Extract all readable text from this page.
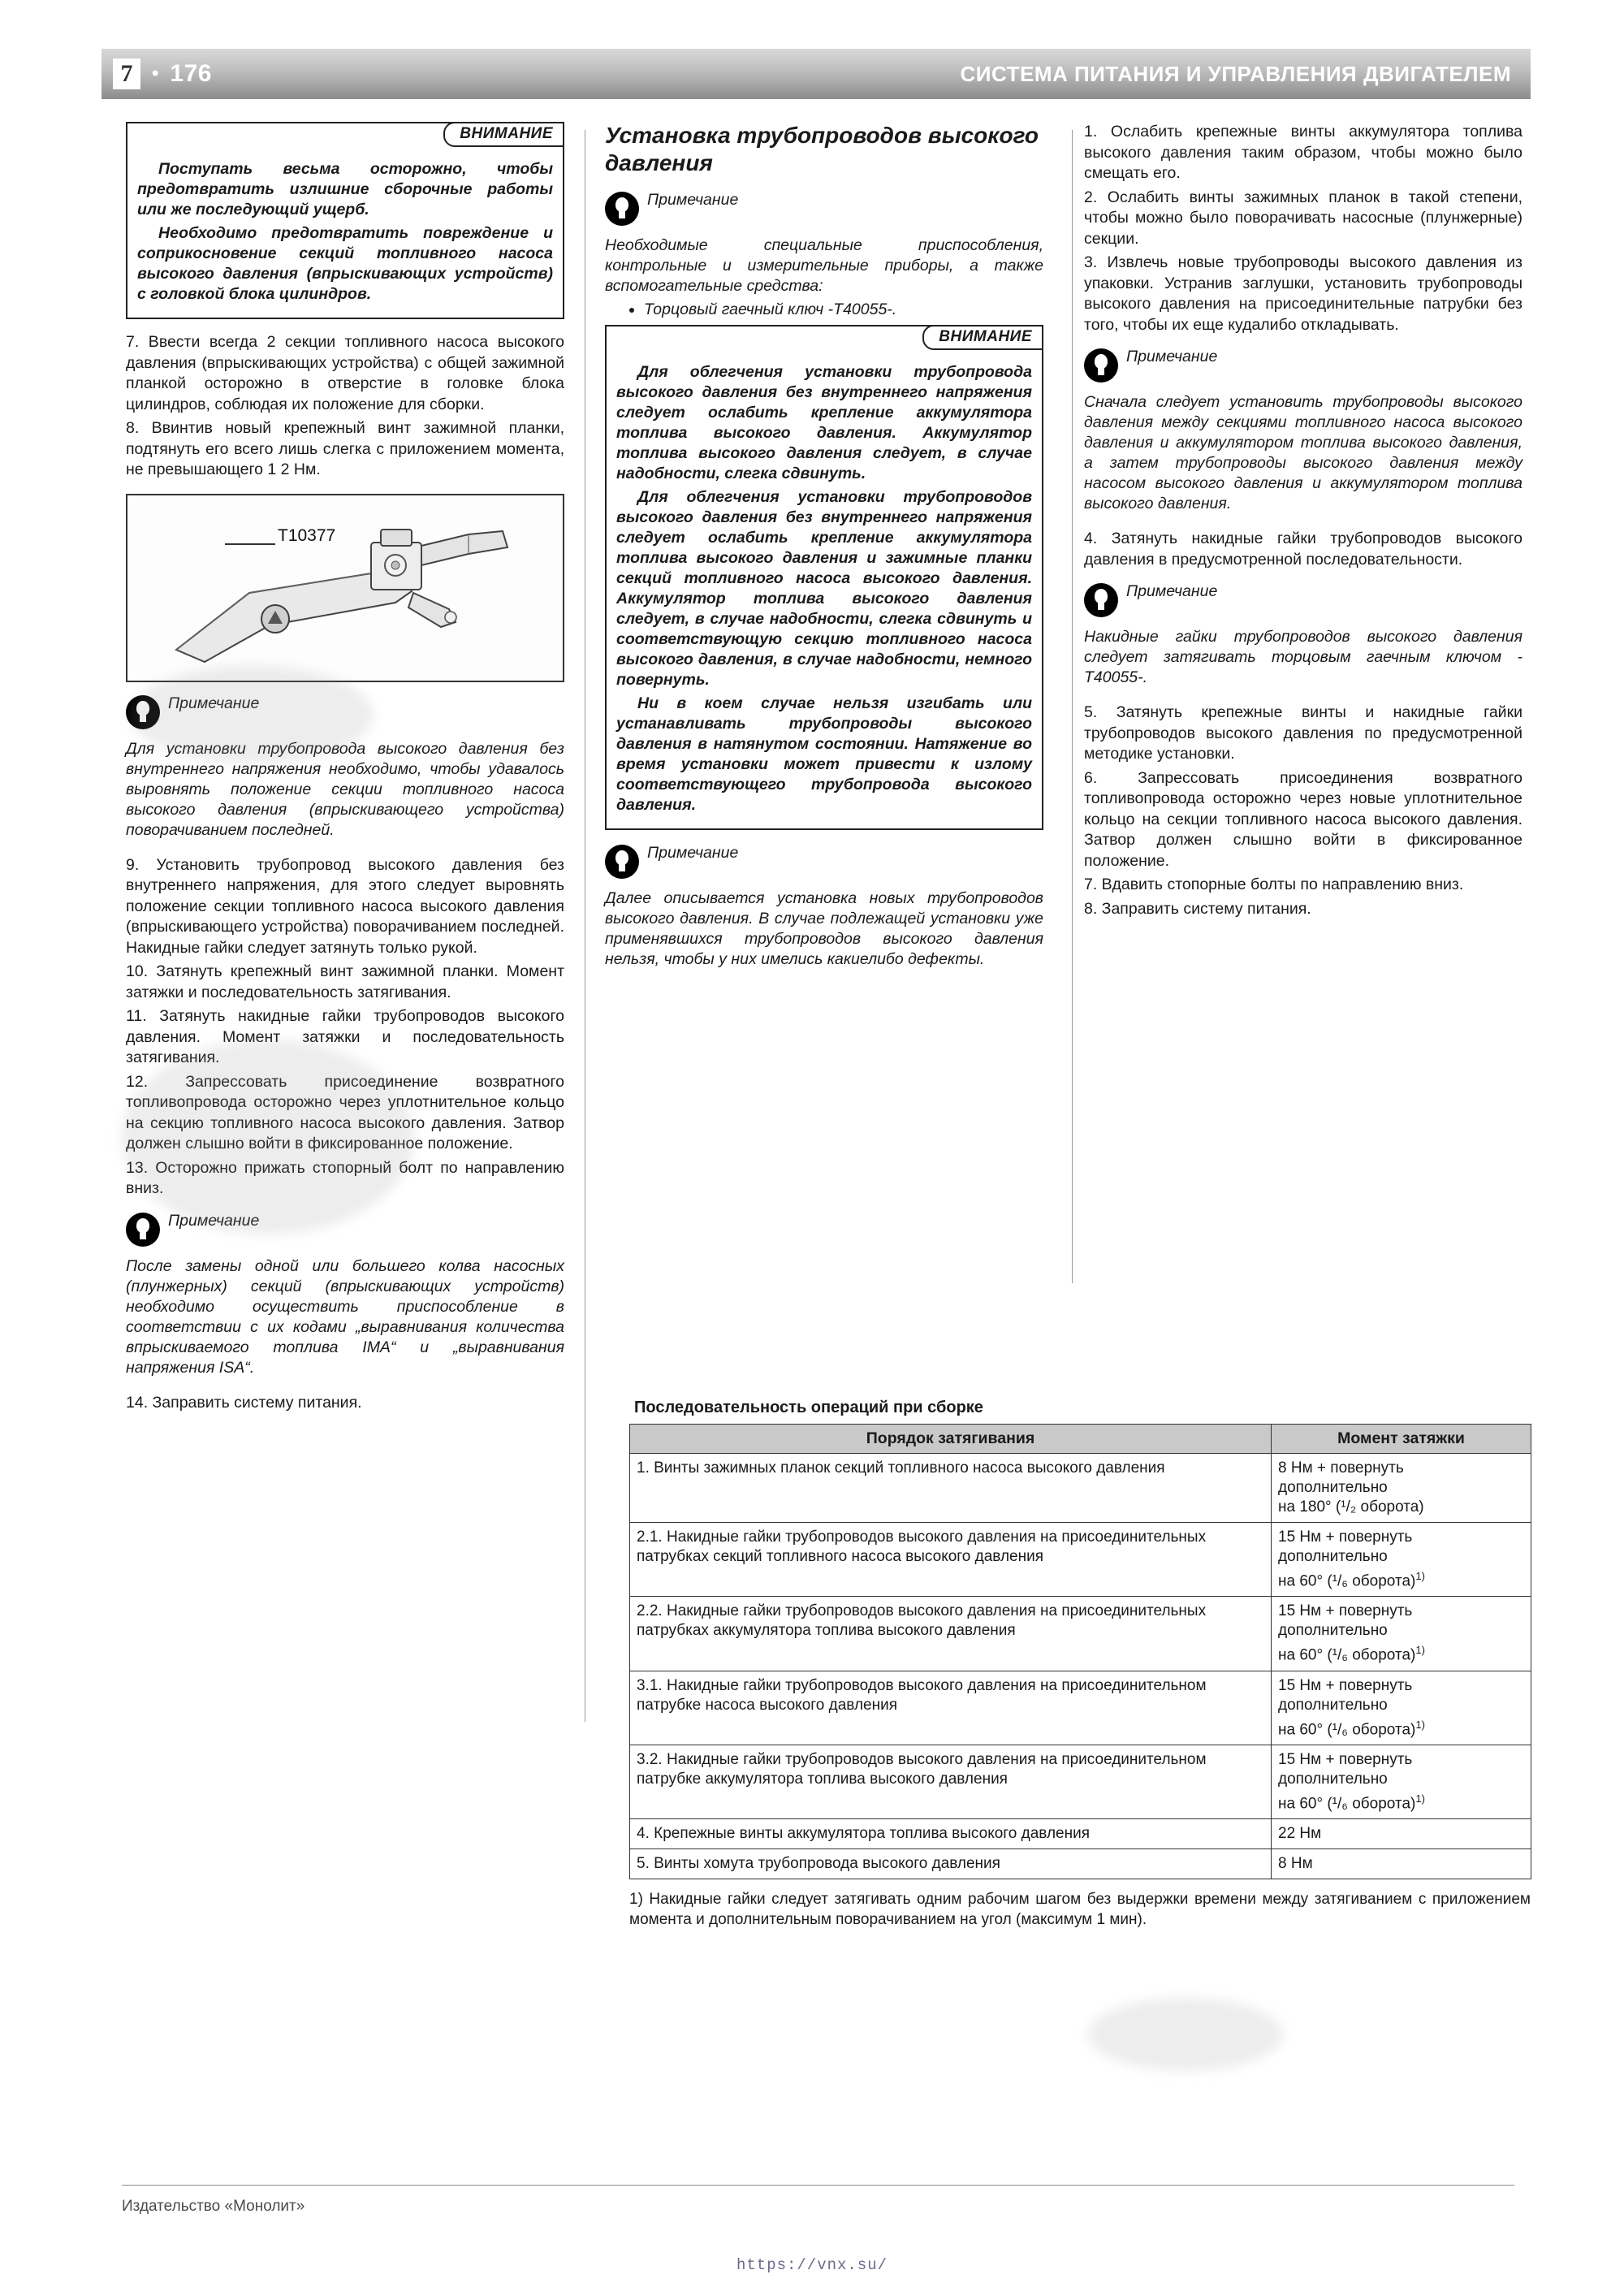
7 • 176	СИСТЕМА ПИТАНИЯ И УПРАВЛЕНИЯ ДВИГАТЕЛЕМ
ВНИМАНИЕ

Поступать весьма осторожно, чтобы предотвратить излишние сборочные работы или же последующий ущерб.

Необходимо предотвратить повреждение и соприкосновение секций топливного насоса высокого давления (впрыскивающих устройств) с головкой блока цилиндров.

7. Ввести всегда 2 секции топливного насоса высокого давления (впрыскивающих устройства) с общей зажимной планкой осторожно в отверстие в головке блока цилиндров, соблюдая их положение для сборки.

8. Ввинтив новый крепежный винт зажимной планки, подтянуть его всего лишь слегка с приложением момента, не превышающего 1 2 Нм.

T10377
Примечание

Для установки трубопровода высокого давления без внутреннего напряжения необходимо, чтобы удавалось выровнять положение секции топливного насоса высокого давления (впрыскивающего устройства) поворачиванием последней.

9. Установить трубопровод высокого давления без внутреннего напряжения, для этого следует выровнять положение секции топливного насоса высокого давления (впрыскивающего устройства) поворачиванием последней. Накидные гайки следует затянуть только рукой.

10. Затянуть крепежный винт зажимной планки. Момент затяжки и последовательность затягивания.

11. Затянуть накидные гайки трубопроводов высокого давления. Момент затяжки и последовательность затягивания.

12. Запрессовать присоединение возвратного топливопровода осторожно через уплотнительное кольцо на секцию топливного насоса высокого давления. Затвор должен слышно войти в фиксированное положение.

13. Осторожно прижать стопорный болт по направлению вниз.

Примечание

После замены одной или большего колва насосных (плунжерных) секций (впрыскивающих устройств) необходимо осуществить приспособление в соответствии с их кодами „выравнивания количества впрыскиваемого топлива IMA“ и „выравнивания напряжения ISA“.

14. Заправить систему питания.

Установка трубопроводов высокого давления
Примечание

Необходимые специальные приспособления, контрольные и измерительные приборы, а также вспомогательные средства:

• Торцовый гаечный ключ -T40055-.
ВНИМАНИЕ

Для облегчения установки трубопровода высокого давления без внутреннего напряжения следует ослабить крепление аккумулятора топлива высокого давления. Аккумулятор топлива высокого давления следует, в случае надобности, слегка сдвинуть.

Для облегчения установки трубопроводов высокого давления без внутреннего напряжения следует ослабить крепление аккумулятора топлива высокого давления и зажимные планки секций топливного насоса высокого давления. Аккумулятор топлива высокого давления следует, в случае надобности, слегка сдвинуть и соответствующую секцию топливного насоса высокого давления, в случае надобности, немного повернуть.

Ни в коем случае нельзя изгибать или устанавливать трубопроводы высокого давления в натянутом состоянии. Натяжение во время установки может привести к излому соответствующего трубопровода высокого давления.

Примечание

Далее описывается установка новых трубопроводов высокого давления. В случае подлежащей установки уже применявшихся трубопроводов высокого давления нельзя, чтобы у них имелись какиелибо дефекты.

1. Ослабить крепежные винты аккумулятора топлива высокого давления таким образом, чтобы можно было смещать его.

2. Ослабить винты зажимных планок в такой степени, чтобы можно было поворачивать насосные (плунжерные) секции.

3. Извлечь новые трубопроводы высокого давления из упаковки. Устранив заглушки, установить трубопроводы высокого давления на присоединительные патрубки без того, чтобы их еще кудалибо откладывать.

Примечание

Сначала следует установить трубопроводы высокого давления между секциями топливного насоса высокого давления и аккумулятором топлива высокого давления, а затем трубопроводы высокого давления между насосом высокого давления и аккумулятором топлива высокого давления.

4. Затянуть накидные гайки трубопроводов высокого давления в предусмотренной последовательности.

Примечание

Накидные гайки трубопроводов высокого давления следует затягивать торцовым гаечным ключом -T40055-.

5. Затянуть крепежные винты и накидные гайки трубопроводов высокого давления по предусмотренной методике установки.

6. Запрессовать присоединения возвратного топливопровода осторожно через новые уплотнительное кольцо на секции топливного насоса высокого давления. Затвор должен слышно войти в фиксированное положение.

7. Вдавить стопорные болты по направлению вниз.

8. Заправить систему питания.

Последовательность операций при сборке
Порядок затягивания	Момент затяжки
1. Винты зажимных планок секций топливного насоса высокого давления	8 Нм + повернуть
дополнительно
на 180° (¹/₂ оборота)

2.1. Накидные гайки трубопроводов высокого давления на присоединительных патрубках секций топливного насоса высокого давления	15 Нм + повернуть
дополнительно
на 60° (¹/₆ оборота)$^{1)}$

2.2. Накидные гайки трубопроводов высокого давления на присоединительных патрубках аккумулятора топлива высокого давления	15 Нм + повернуть
дополнительно
на 60° (¹/₆ оборота)$^{1)}$

3.1. Накидные гайки трубопроводов высокого давления на присоединительном патрубке насоса высокого давления	15 Нм + повернуть
дополнительно
на 60° (¹/₆ оборота)$^{1)}$

3.2. Накидные гайки трубопроводов высокого давления на присоединительном патрубке аккумулятора топлива высокого давления	15 Нм + повернуть
дополнительно
на 60° (¹/₆ оборота)$^{1)}$

4. Крепежные винты аккумулятора топлива высокого давления	22 Нм
5. Винты хомута трубопровода высокого давления	8 Нм

1) Накидные гайки следует затягивать одним рабочим шагом без выдержки времени между затягиванием с приложением момента и дополнительным поворачиванием на угол (максимум 1 мин).

Издательство «Монолит»
https://vnx.su/
